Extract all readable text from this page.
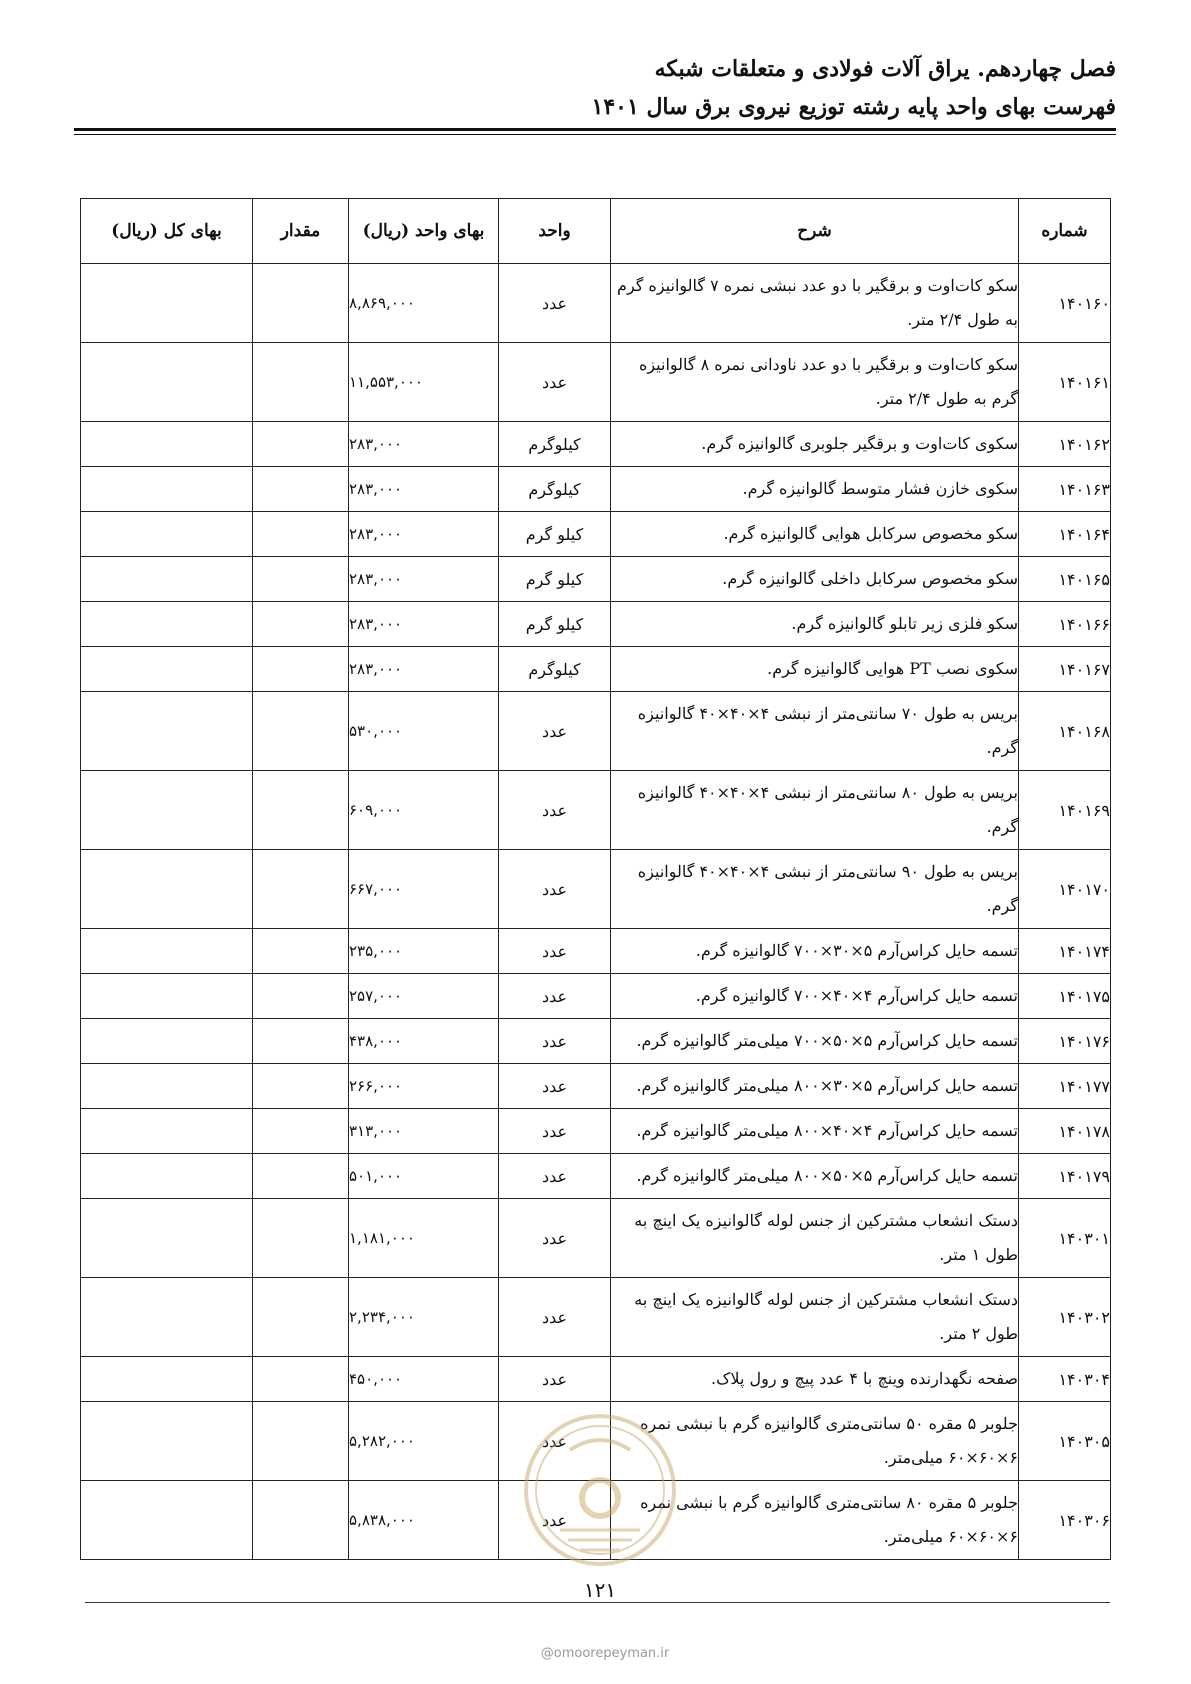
فصل چهاردهم. یراق آلات فولادی و متعلقات شبکه
فهرست بهای واحد پایه رشته توزیع نیروی برق سال ۱۴۰۱
شماره	شرح	واحد	بهای واحد (ریال)	مقدار	بهای کل (ریال)
۱۴۰۱۶۰	سکو کات‌اوت و برقگیر با دو عدد نبشی نمره ۷ گالوانیزه گرم به طول ۲/۴ متر.	عدد	۸,۸۶۹,۰۰۰		
۱۴۰۱۶۱	سکو کات‌اوت و برقگیر با دو عدد ناودانی نمره ۸ گالوانیزه گرم به طول ۲/۴ متر.	عدد	۱۱,۵۵۳,۰۰۰		
۱۴۰۱۶۲	سکوی کات‌اوت و برقگیر جلوبری گالوانیزه گرم.	کیلوگرم	۲۸۳,۰۰۰		
۱۴۰۱۶۳	سکوی خازن فشار متوسط گالوانیزه گرم.	کیلوگرم	۲۸۳,۰۰۰		
۱۴۰۱۶۴	سکو مخصوص سرکابل هوایی گالوانیزه گرم.	کیلو گرم	۲۸۳,۰۰۰		
۱۴۰۱۶۵	سکو مخصوص سرکابل داخلی گالوانیزه گرم.	کیلو گرم	۲۸۳,۰۰۰		
۱۴۰۱۶۶	سکو فلزی زیر تابلو گالوانیزه گرم.	کیلو گرم	۲۸۳,۰۰۰		
۱۴۰۱۶۷	سکوی نصب PT هوایی گالوانیزه گرم.	کیلوگرم	۲۸۳,۰۰۰		
۱۴۰۱۶۸	بریس به طول ۷۰ سانتی‌متر از نبشی ۴×۴۰×۴۰ گالوانیزه گرم.	عدد	۵۳۰,۰۰۰		
۱۴۰۱۶۹	بریس به طول ۸۰ سانتی‌متر از نبشی ۴×۴۰×۴۰ گالوانیزه گرم.	عدد	۶۰۹,۰۰۰		
۱۴۰۱۷۰	بریس به طول ۹۰ سانتی‌متر از نبشی ۴×۴۰×۴۰ گالوانیزه گرم.	عدد	۶۶۷,۰۰۰		
۱۴۰۱۷۴	تسمه حایل کراس‌آرم ۵×۳۰×۷۰۰ گالوانیزه گرم.	عدد	۲۳۵,۰۰۰		
۱۴۰۱۷۵	تسمه حایل کراس‌آرم ۴×۴۰×۷۰۰ گالوانیزه گرم.	عدد	۲۵۷,۰۰۰		
۱۴۰۱۷۶	تسمه حایل کراس‌آرم ۵×۵۰×۷۰۰ میلی‌متر گالوانیزه گرم.	عدد	۴۳۸,۰۰۰		
۱۴۰۱۷۷	تسمه حایل کراس‌آرم ۵×۳۰×۸۰۰ میلی‌متر گالوانیزه گرم.	عدد	۲۶۶,۰۰۰		
۱۴۰۱۷۸	تسمه حایل کراس‌آرم ۴×۴۰×۸۰۰ میلی‌متر گالوانیزه گرم.	عدد	۳۱۳,۰۰۰		
۱۴۰۱۷۹	تسمه حایل کراس‌آرم ۵×۵۰×۸۰۰ میلی‌متر گالوانیزه گرم.	عدد	۵۰۱,۰۰۰		
۱۴۰۳۰۱	دستک انشعاب مشترکین از جنس لوله گالوانیزه یک اینچ به طول ۱ متر.	عدد	۱,۱۸۱,۰۰۰		
۱۴۰۳۰۲	دستک انشعاب مشترکین از جنس لوله گالوانیزه یک اینچ به طول ۲ متر.	عدد	۲,۲۳۴,۰۰۰		
۱۴۰۳۰۴	صفحه نگهدارنده وینچ با ۴ عدد پیچ و رول پلاک.	عدد	۴۵۰,۰۰۰		
۱۴۰۳۰۵	جلوبر ۵ مقره ۵۰ سانتی‌متری گالوانیزه گرم با نبشی نمره ۶×۶۰×۶۰ میلی‌متر.	عدد	۵,۲۸۲,۰۰۰		
۱۴۰۳۰۶	جلوبر ۵ مقره ۸۰ سانتی‌متری گالوانیزه گرم با نبشی نمره ۶×۶۰×۶۰ میلی‌متر.	عدد	۵,۸۳۸,۰۰۰		
۱۲۱
@omoorepeyman.ir
